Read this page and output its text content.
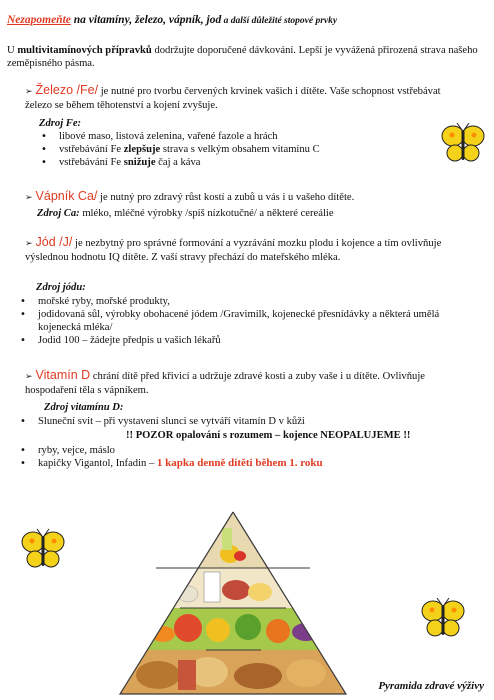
Nezapomeňte na vitamíny, železo, vápník, jod a další důležité stopové prvky
U multivitamínových přípravků dodržujte doporučené dávkování. Lepší je vyvážená přirozená strava našeho zeměpisného pásma.
➢ Železo /Fe/ je nutné pro tvorbu červených krvinek vašich i dítěte. Vaše schopnost vstřebávat železo se během těhotenství a kojení zvyšuje.
Zdroj Fe:
• libové maso, listová zelenina, vařené fazole a hrách
• vstřebávání Fe zlepšuje strava s velkým obsahem vitamínu C
• vstřebávání Fe snižuje čaj a káva
➢ Vápník Ca/ je nutný pro zdravý růst kostí a zubů u vás i u vašeho dítěte.
Zdroj Ca: mléko, mléčné výrobky /spíš nízkotučné/ a některé cereálie
➢ Jód /J/ je nezbytný pro správné formování a vyzrávání mozku plodu i kojence a tím ovlivňuje výslednou hodnotu IQ dítěte. Z vaší stravy přechází do mateřského mléka.
Zdroj jódu:
• mořské ryby, mořské produkty,
• jodidovaná sůl, výrobky obohacené jódem /Gravimilk, kojenecké přesnídávky a některá umělá kojenecká mléka/
• Jodid 100 – žádejte předpis u vašich lékařů
➢ Vitamín D chrání dítě před křivicí a udržuje zdravé kosti a zuby vaše i u dítěte. Ovlivňuje hospodaření těla s vápníkem.
Zdroj vitamínu D:
• Sluneční svit – při vystavení slunci se vytváří vitamín D v kůži
!! POZOR opalování s rozumem – kojence NEOPALUJEME !!
• ryby, vejce, máslo
• kapičky Vigantol, Infadin – 1 kapka denně dítěti během 1. roku
Pyramida zdravé výživy
